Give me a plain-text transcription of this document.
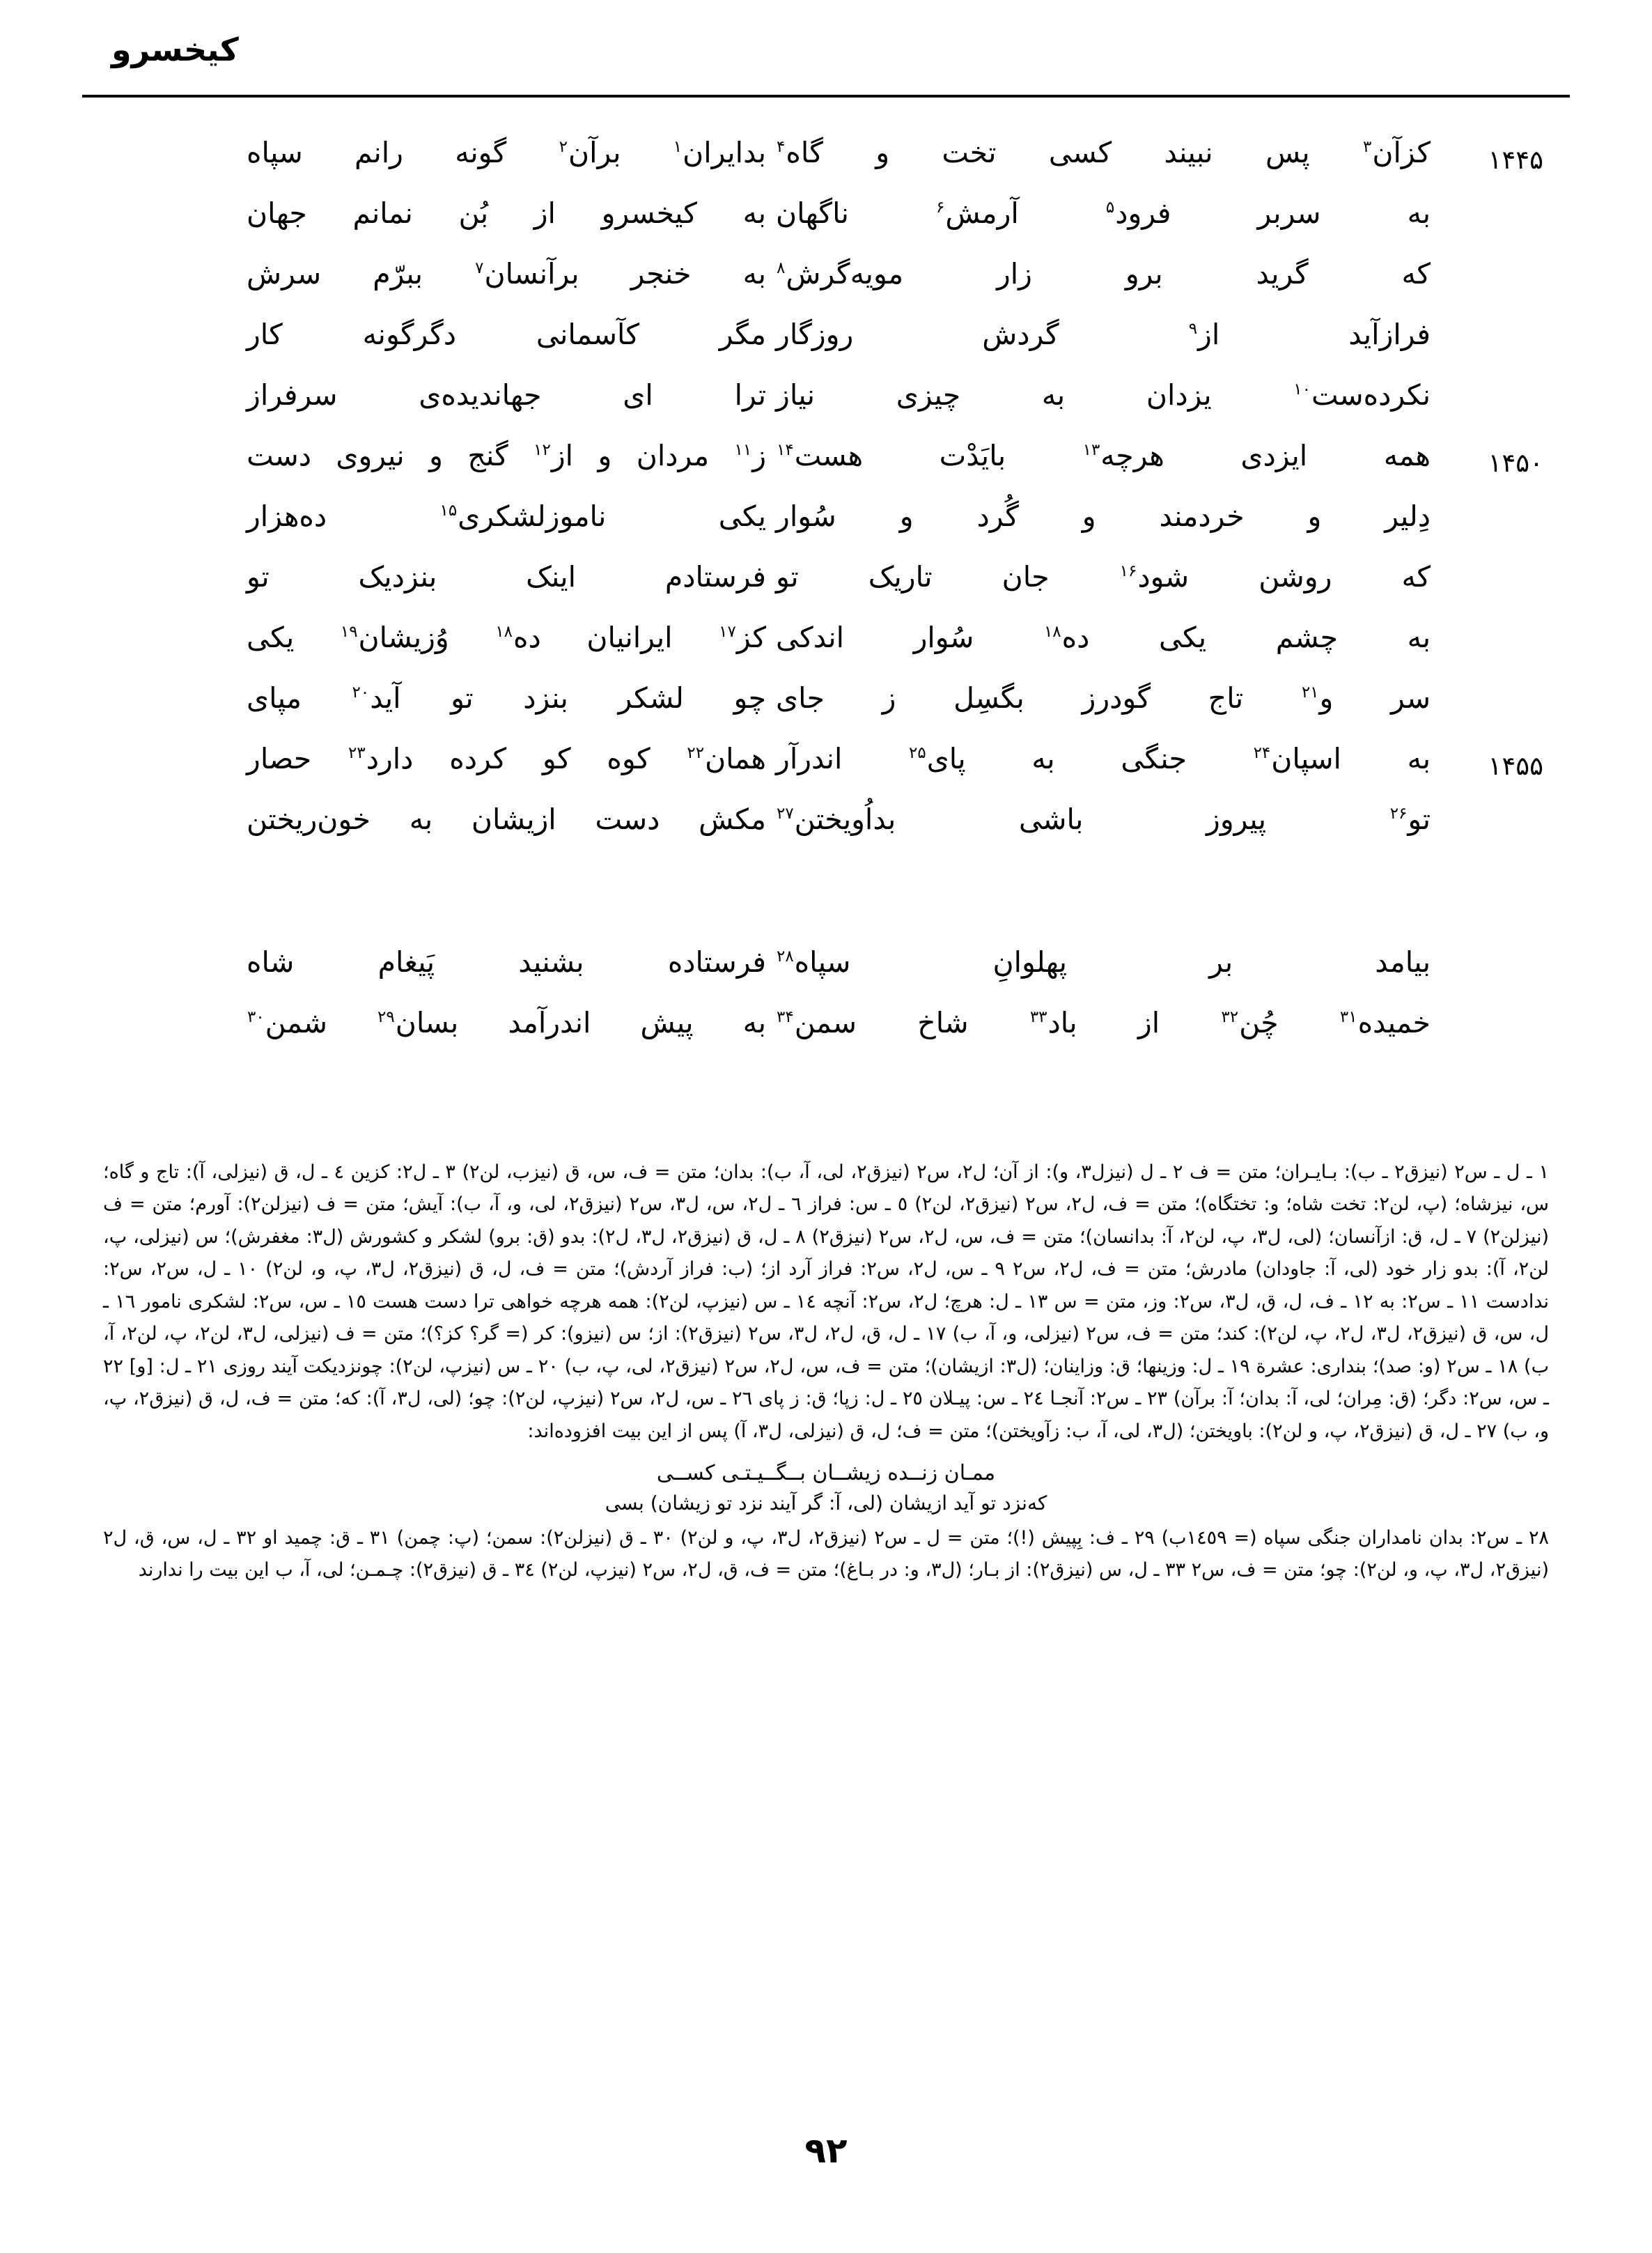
کیخسرو
۱۴۴۵
کزآن$^۳$
پس
نبیند
کسی
تخت
و
گاه$^۴$
بدایران$^۱$
برآن$^۲$
گونه
رانم
سپاه
به
سربر
فرود$^۵$
آرمش$^۶$
ناگهان
به
کیخسرو
از
بُن
نمانم
جهان
که
گرید
برو
زار
مویه‌گرش$^۸$
به
خنجر
برآنسان$^۷$
ببرّم
سرش
فرازآید
از$^۹$
گردش
روزگار
مگر
کآسمانی
دگرگونه
کار
نکرده‌ست$^{۱۰}$
یزدان
به
چیزی
نیاز
ترا
ای
جهاندیده‌ی
سرفراز
۱۴۵۰
همه
ایزدی
هرچه$^{۱۳}$
بایَدْت
هست$^{۱۴}$
ز$^{۱۱}$
مردان
و
از$^{۱۲}$
گنج
و
نیروی
دست
دِلیر
و
خردمند
و
گُرد
و
سُوار
یکی
ناموزلشکری$^{۱۵}$
ده‌هزار
که
روشن
شود$^{۱۶}$
جان
تاریک
تو
فرستادم
اینک
بنزدیک
تو
به
چشم
یکی
ده$^{۱۸}$
سُوار
اندکی
کز$^{۱۷}$
ایرانیان
ده$^{۱۸}$
وُزیشان$^{۱۹}$
یکی
سر
و$^{۲۱}$
تاج
گودرز
بگسِل
ز
جای
چو
لشکر
بنزد
تو
آید$^{۲۰}$
مپای
۱۴۵۵
به
اسپان$^{۲۴}$
جنگی
به
پای$^{۲۵}$
اندرآر
همان$^{۲۲}$
کوه
کو
کرده
دارد$^{۲۳}$
حصار
تو$^{۲۶}$
پیروز
باشی
بداُویختن$^{۲۷}$
مکش
دست
ازیشان
به
خون‌ریختن
بیامد
بر
پهلوانِ
سپاه$^{۲۸}$
فرستاده
بشنید
پَیغام
شاه
خمیده$^{۳۱}$
چُن$^{۳۲}$
از
باد$^{۳۳}$
شاخ
سمن$^{۳۴}$
به
پیش
اندرآمد
بسان$^{۲۹}$
شمن$^{۳۰}$

۱ ـ ل ـ س۲ (نیزق۲ ـ ب): بـایـران؛ متن = ف ۲ ـ ل (نیزل۳، و): از آن؛ ل۲، س۲ (نیزق۲، لی، آ، ب): بدان؛ متن = ف، س، ق (نیزب، لن۲) ۳ ـ ل۲: کزین ٤ ـ ل، ق (نیزلی، آ): تاج و گاه؛ س، نیزشاه؛ (پ، لن۲: تخت شاه؛ و: تختگاه)؛ متن = ف، ل۲، س۲ (نیزق۲، لن۲) ٥ ـ س: فراز ٦ ـ ل۲، س، ل۳، س۲ (نیزق۲، لی، و، آ، ب): آیش؛ متن = ف (نیزلن۲): آورم؛ متن = ف (نیزلن۲) ۷ ـ ل، ق: ازآنسان؛ (لی، ل۳، پ، لن۲، آ: بدانسان)؛ متن = ف، س، ل۲، س۲ (نیزق۲) ۸ ـ ل، ق (نیزق۲، ل۳، ل۲): بدو (ق: برو) لشکر و کشورش (ل۳: مغفرش)؛ س (نیزلی، پ، لن۲، آ): بدو زار خود (لی، آ: جاودان) مادرش؛ متن = ف، ل۲، س۲ ۹ ـ س، ل۲، س۲: فراز آرد از؛ (ب: فراز آردش)؛ متن = ف، ل، ق (نیزق۲، ل۳، پ، و، لن۲) ۱۰ ـ ل، س۲، س۲: ندادست ۱۱ ـ س۲: به ۱۲ ـ ف، ل، ق، ل۳، س۲: وز، متن = س ۱۳ ـ ل: هرچ؛ ل۲، س۲: آنچه ۱٤ ـ س (نیزپ، لن۲): همه هرچه خواهی ترا دست هست ۱٥ ـ س، س۲: لشکری نامور ۱٦ ـ ل، س، ق (نیزق۲، ل۳، ل۲، پ، لن۲): کند؛ متن = ف، س۲ (نیزلی، و، آ، ب) ۱۷ ـ ل، ق، ل۲، ل۳، س۲ (نیزق۲): از؛ س (نیزو): کر (= گر؟ کز؟)؛ متن = ف (نیزلی، ل۳، لن۲، پ، لن۲، آ، ب) ۱۸ ـ س۲ (و: صد)؛ بنداری: عشرة ۱۹ ـ ل: وزینها؛ ق: وزاینان؛ (ل۳: ازیشان)؛ متن = ف، س، ل۲، س۲ (نیزق۲، لی، پ، ب) ۲۰ ـ س (نیزپ، لن۲): چونزدیکت آیند روزی ۲۱ ـ ل: [و] ۲۲ ـ س، س۲: دگر؛ (ق: مِران؛ لی، آ: بدان؛ آ: برآن) ۲۳ ـ س۲: آنجـا ۲٤ ـ س: پیـلان ۲٥ ـ ل: زپا؛ ق: ز پای ۲٦ ـ س، ل۲، س۲ (نیزپ، لن۲): چو؛ (لی، ل۳، آ): که؛ متن = ف، ل، ق (نیزق۲، پ، و، ب) ۲۷ ـ ل، ق (نیزق۲، پ، و لن۲): باویختن؛ (ل۳، لی، آ، ب: زآویختن)؛ متن = ف؛ ل، ق (نیزلی، ل۳، آ) پس از این بیت افزوده‌اند:

ممـان زنــده زیشــان بــگــیـتـی کســی
که‌نزد تو آید ازیشان (لی، آ: گر آیند نزد تو زیشان) بسی

۲۸ ـ س۲: بدان نامداران جنگی سپاه (= ۱٤٥۹ب) ۲۹ ـ ف: بِپیش (!)؛ متن = ل ـ س۲ (نیزق۲، ل۳، پ، و لن۲) ۳۰ ـ ق (نیزلن۲): سمن؛ (پ: چمن) ۳۱ ـ ق: چمید او ۳۲ ـ ل، س، ق، ل۲ (نیزق۲، ل۳، پ، و، لن۲): چو؛ متن = ف، س۲ ۳۳ ـ ل، س (نیزق۲): از بـار؛ (ل۳، و: در بـاغ)؛ متن = ف، ق، ل۲، س۲ (نیزپ، لن۲) ۳٤ ـ ق (نیزق۲): چـمـن؛ لی، آ، ب این بیت را ندارند

۹۲
